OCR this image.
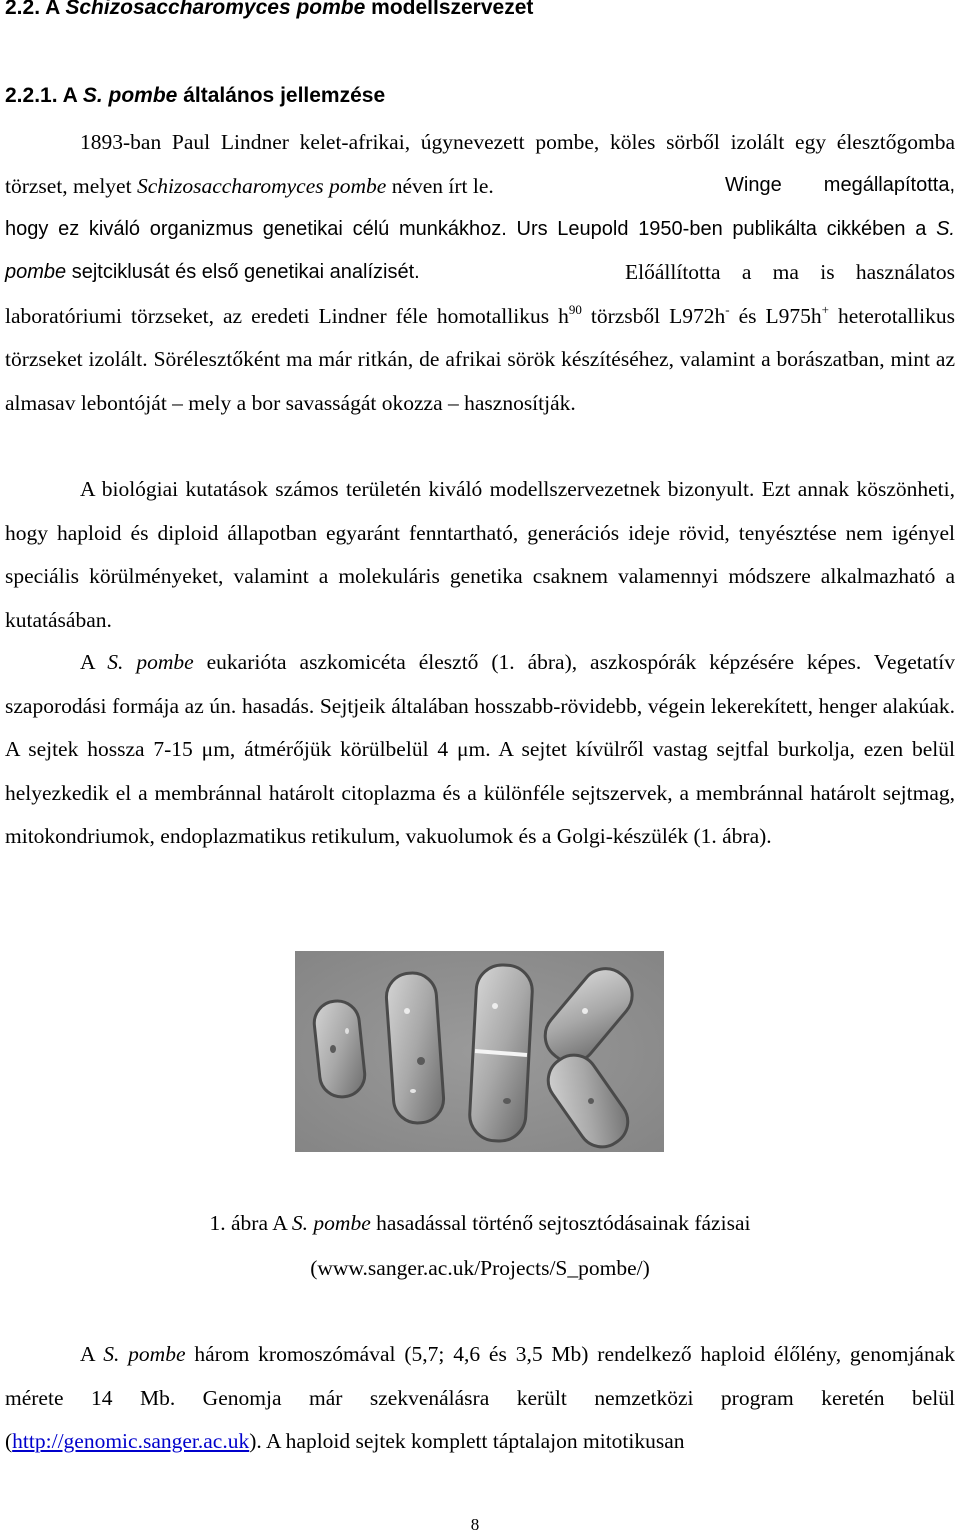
2.2. A Schizosaccharomyces pombe modellszervezet
2.2.1. A S. pombe általános jellemzése

1893-ban Paul Lindner kelet-afrikai, úgynevezett pombe, köles sörből izolált egy élesztőgomba törzset, melyet Schizosaccharomyces pombe néven írt le.	Winge megállapította, hogy ez kiváló organizmus genetikai célú munkákhoz. Urs Leupold 1950-ben publikálta cikkében a S. pombe sejtciklusát és első genetikai analízisét.	Előállította a ma is használatos laboratóriumi törzseket, az eredeti Lindner féle homotallikus $h^{90}$ törzsből L972h- és L975h+ heterotallikus törzseket izolált. Sörélesztőként ma már ritkán, de afrikai sörök készítéséhez, valamint a borászatban, mint az almasav lebontóját – mely a bor savasságát okozza – hasznosítják.

A biológiai kutatások számos területén kiváló modellszervezetnek bizonyult. Ezt annak köszönheti, hogy haploid és diploid állapotban egyaránt fenntartható, generációs ideje rövid, tenyésztése nem igényel speciális körülményeket, valamint a molekuláris genetika csaknem valamennyi módszere alkalmazható a kutatásában.

A S. pombe eukarióta aszkomicéta élesztő (1. ábra), aszkospórák képzésére képes. Vegetatív szaporodási formája az ún. hasadás. Sejtjeik általában hosszabb-rövidebb, végein lekerekített, henger alakúak. A sejtek hossza 7-15 μm, átmérőjük körülbelül 4 μm. A sejtet kívülről vastag sejtfal burkolja, ezen belül helyezkedik el a membránnal határolt citoplazma és a különféle sejtszervek, a membránnal határolt sejtmag, mitokondriumok, endoplazmatikus retikulum, vakuolumok és a Golgi-készülék (1. ábra).

1. ábra A S. pombe hasadással történő sejtosztódásainak fázisai

(www.sanger.ac.uk/Projects/S_pombe/)

A S. pombe három kromoszómával (5,7; 4,6 és 3,5 Mb) rendelkező haploid élőlény, genomjának mérete 14 Mb. Genomja már szekvenálásra került nemzetközi program keretén belül (http://genomic.sanger.ac.uk). A haploid sejtek komplett táptalajon mitotikusan

8
